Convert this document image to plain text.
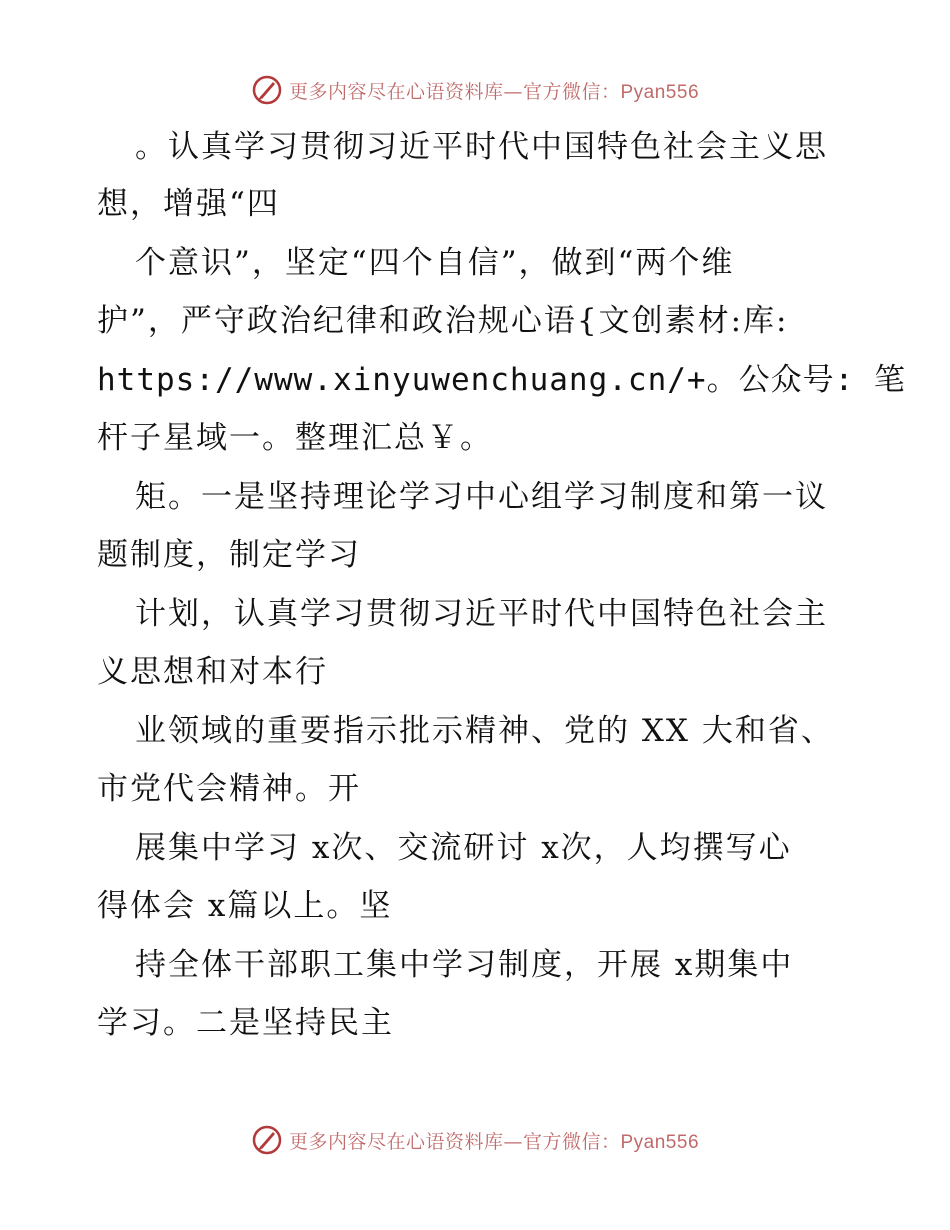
更多内容尽在心语资料库—官方微信：Pyan556
。认真学习贯彻习近平时代中国特色社会主义思
想，增强“四
个意识”，坚定“四个自信”，做到“两个维
护”，严守政治纪律和政治规心语{文创素材:库:
https://www.xinyuwenchuang.cn/+。公众号: 笔
杆子星域一。整理汇总￥。
矩。一是坚持理论学习中心组学习制度和第一议
题制度，制定学习
计划，认真学习贯彻习近平时代中国特色社会主
义思想和对本行
业领域的重要指示批示精神、党的 XX 大和省、
市党代会精神。开
展集中学习 x次、交流研讨 x次，人均撰写心
得体会 x篇以上。坚
持全体干部职工集中学习制度，开展 x期集中
学习。二是坚持民主
更多内容尽在心语资料库—官方微信：Pyan556
